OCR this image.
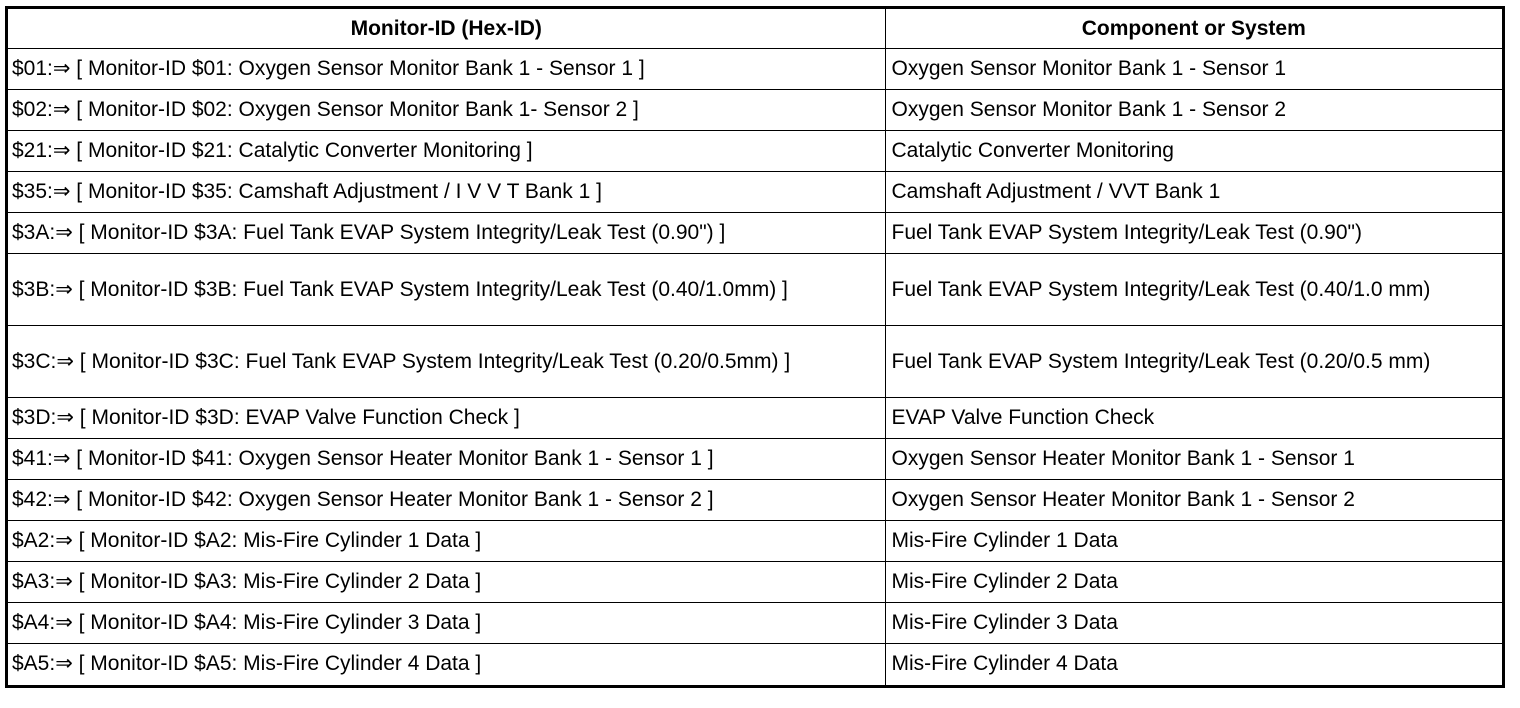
Monitor-ID (Hex-ID)	Component or System
$01:⇒ [ Monitor-ID $01: Oxygen Sensor Monitor Bank 1 - Sensor 1 ]	Oxygen Sensor Monitor Bank 1 - Sensor 1
$02:⇒ [ Monitor-ID $02: Oxygen Sensor Monitor Bank 1- Sensor 2 ]	Oxygen Sensor Monitor Bank 1 - Sensor 2
$21:⇒ [ Monitor-ID $21: Catalytic Converter Monitoring ]	Catalytic Converter Monitoring
$35:⇒ [ Monitor-ID $35: Camshaft Adjustment / I V V T Bank 1 ]	Camshaft Adjustment / VVT Bank 1
$3A:⇒ [ Monitor-ID $3A: Fuel Tank EVAP System Integrity/Leak Test (0.90") ]	Fuel Tank EVAP System Integrity/Leak Test (0.90")
$3B:⇒ [ Monitor-ID $3B: Fuel Tank EVAP System Integrity/Leak Test (0.40/1.0mm) ]	Fuel Tank EVAP System Integrity/Leak Test (0.40/1.0 mm)
$3C:⇒ [ Monitor-ID $3C: Fuel Tank EVAP System Integrity/Leak Test (0.20/0.5mm) ]	Fuel Tank EVAP System Integrity/Leak Test (0.20/0.5 mm)
$3D:⇒ [ Monitor-ID $3D: EVAP Valve Function Check ]	EVAP Valve Function Check
$41:⇒ [ Monitor-ID $41: Oxygen Sensor Heater Monitor Bank 1 - Sensor 1 ]	Oxygen Sensor Heater Monitor Bank 1 - Sensor 1
$42:⇒ [ Monitor-ID $42: Oxygen Sensor Heater Monitor Bank 1 - Sensor 2 ]	Oxygen Sensor Heater Monitor Bank 1 - Sensor 2
$A2:⇒ [ Monitor-ID $A2: Mis-Fire Cylinder 1 Data ]	Mis-Fire Cylinder 1 Data
$A3:⇒ [ Monitor-ID $A3: Mis-Fire Cylinder 2 Data ]	Mis-Fire Cylinder 2 Data
$A4:⇒ [ Monitor-ID $A4: Mis-Fire Cylinder 3 Data ]	Mis-Fire Cylinder 3 Data
$A5:⇒ [ Monitor-ID $A5: Mis-Fire Cylinder 4 Data ]	Mis-Fire Cylinder 4 Data
